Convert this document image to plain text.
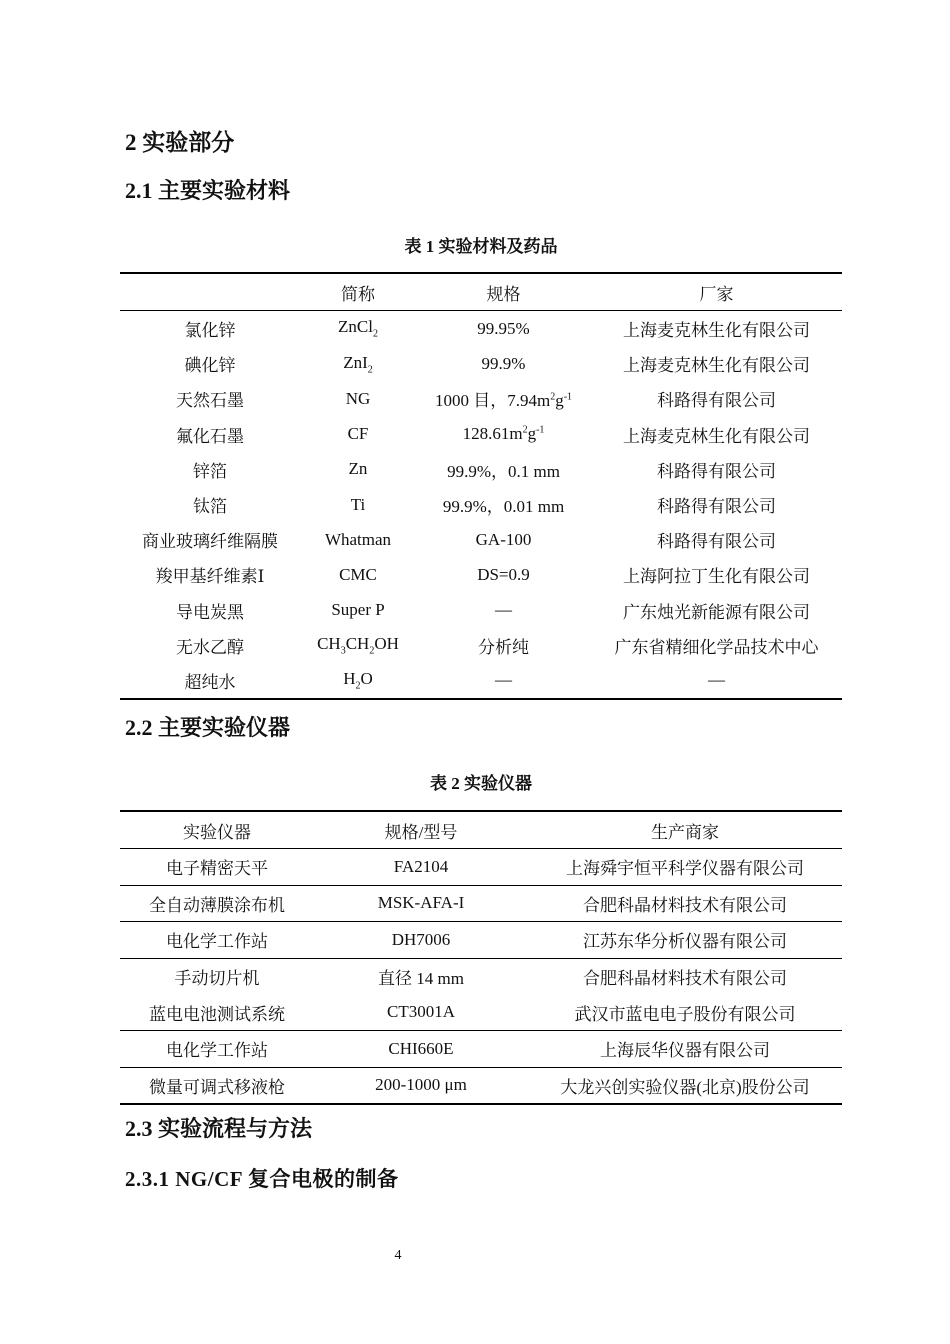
2 实验部分
2.1 主要实验材料
表 1 实验材料及药品
	简称	规格	厂家
氯化锌	ZnCl$_2$	99.95%	上海麦克林生化有限公司
碘化锌	ZnI$_2$	99.9%	上海麦克林生化有限公司
天然石墨	NG	1000 目，$7.94m^2g^{-1}$	科路得有限公司
氟化石墨	CF	$128.61m^2g^{-1}$	上海麦克林生化有限公司
锌箔	Zn	99.9%，0.1 mm	科路得有限公司
钛箔	Ti	99.9%，0.01 mm	科路得有限公司
商业玻璃纤维隔膜	Whatman	GA-100	科路得有限公司
羧甲基纤维素Ⅰ	CMC	DS=0.9	上海阿拉丁生化有限公司
导电炭黑	Super P	—	广东烛光新能源有限公司
无水乙醇	$CH_3CH_2OH$	分析纯	广东省精细化学品技术中心
超纯水	$H_2O$	—	—
2.2 主要实验仪器
表 2 实验仪器
实验仪器	规格/型号	生产商家
电子精密天平	FA2104	上海舜宇恒平科学仪器有限公司
全自动薄膜涂布机	MSK-AFA-I	合肥科晶材料技术有限公司
电化学工作站	DH7006	江苏东华分析仪器有限公司
手动切片机	直径 14 mm	合肥科晶材料技术有限公司
蓝电电池测试系统	CT3001A	武汉市蓝电电子股份有限公司
电化学工作站	CHI660E	上海辰华仪器有限公司
微量可调式移液枪	200-1000 μm	大龙兴创实验仪器(北京)股份公司
2.3 实验流程与方法
2.3.1 NG/CF 复合电极的制备
4
